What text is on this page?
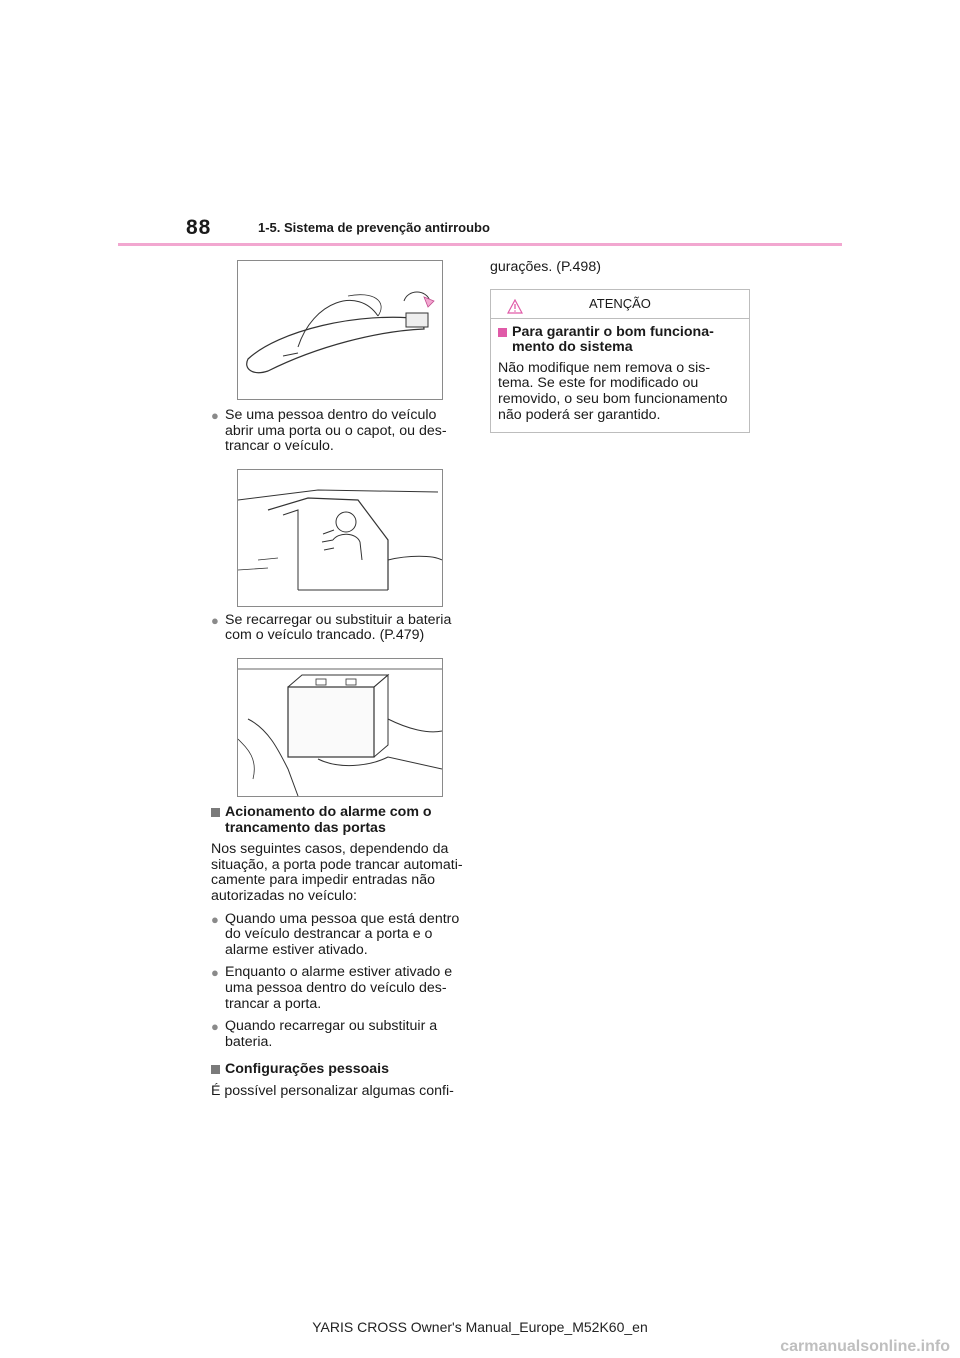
88	1-5. Sistema de prevenção antirroubo
● Se uma pessoa dentro do veículo
abrir uma porta ou o capot, ou des-
trancar o veículo.
● Se recarregar ou substituir a bateria
com o veículo trancado. (P.479)
Acionamento do alarme com o
trancamento das portas
Nos seguintes casos, dependendo da
situação, a porta pode trancar automati-
camente para impedir entradas não
autorizadas no veículo:
● Quando uma pessoa que está dentro
do veículo destrancar a porta e o
alarme estiver ativado.
● Enquanto o alarme estiver ativado e
uma pessoa dentro do veículo des-
trancar a porta.
● Quando recarregar ou substituir a
bateria.
Configurações pessoais
É possível personalizar algumas confi-
gurações. (P.498)
ATENÇÃO
Para garantir o bom funciona-
mento do sistema
Não modifique nem remova o sis-
tema. Se este for modificado ou
removido, o seu bom funcionamento
não poderá ser garantido.
YARIS CROSS Owner's Manual_Europe_M52K60_en
carmanualsonline.info
